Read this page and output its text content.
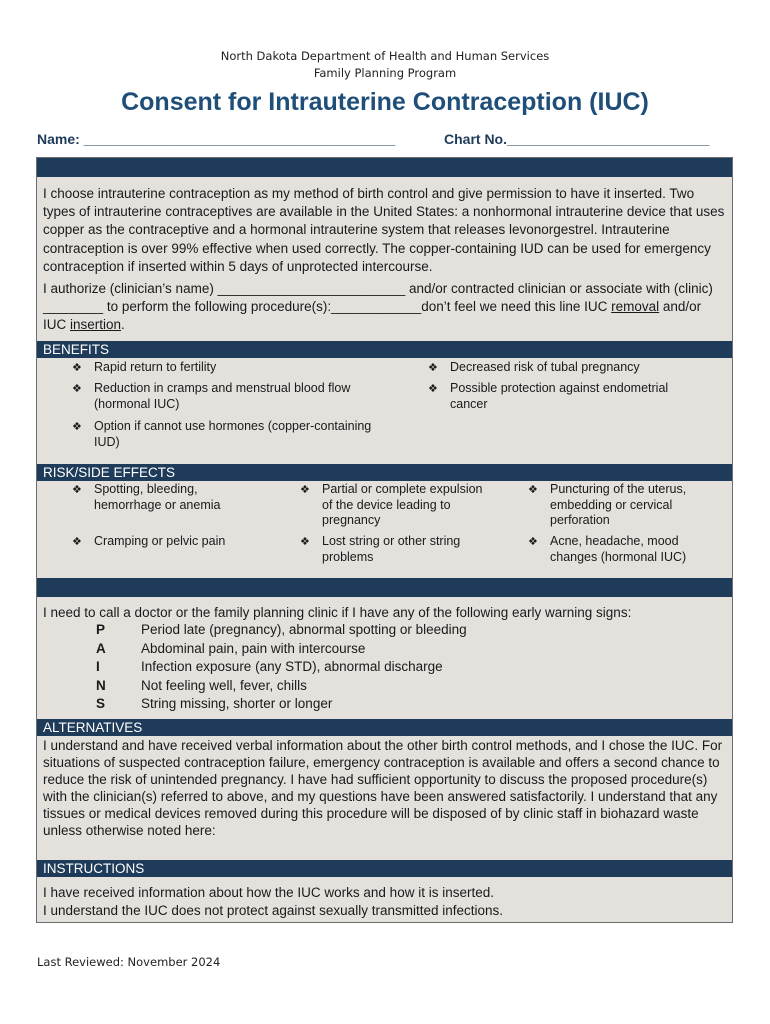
North Dakota Department of Health and Human Services
Family Planning Program
Consent for Intrauterine Contraception (IUC)
Name: ________________________________________	Chart No.__________________________
I choose intrauterine contraception as my method of birth control and give permission to have it inserted. Two types of intrauterine contraceptives are available in the United States: a nonhormonal intrauterine device that uses copper as the contraceptive and a hormonal intrauterine system that releases levonorgestrel. Intrauterine contraception is over 99% effective when used correctly. The copper-containing IUD can be used for emergency contraception if inserted within 5 days of unprotected intercourse.
I authorize (clinician’s name) _________________________ and/or contracted clinician or associate with (clinic) ________ to perform the following procedure(s):____________don’t feel we need this line IUC removal and/or IUC insertion.
BENEFITS
❖ Rapid return to fertility	❖ Decreased risk of tubal pregnancy
❖ Reduction in cramps and menstrual blood flow (hormonal IUC)
❖ Possible protection against endometrial cancer
❖ Option if cannot use hormones (copper-containing IUD)
RISK/SIDE EFFECTS
❖ Spotting, bleeding, hemorrhage or anemia
❖ Partial or complete expulsion of the device leading to pregnancy
❖ Puncturing of the uterus, embedding or cervical perforation
❖ Cramping or pelvic pain	❖ Lost string or other string problems
❖ Acne, headache, mood changes (hormonal IUC)
I need to call a doctor or the family planning clinic if I have any of the following early warning signs:
P	Period late (pregnancy), abnormal spotting or bleeding
A	Abdominal pain, pain with intercourse
I	Infection exposure (any STD), abnormal discharge
N	Not feeling well, fever, chills
S	String missing, shorter or longer
ALTERNATIVES
I understand and have received verbal information about the other birth control methods, and I chose the IUC. For situations of suspected contraception failure, emergency contraception is available and offers a second chance to reduce the risk of unintended pregnancy. I have had sufficient opportunity to discuss the proposed procedure(s) with the clinician(s) referred to above, and my questions have been answered satisfactorily. I understand that any tissues or medical devices removed during this procedure will be disposed of by clinic staff in biohazard waste unless otherwise noted here:
INSTRUCTIONS
I have received information about how the IUC works and how it is inserted.
I understand the IUC does not protect against sexually transmitted infections.
Last Reviewed: November 2024
